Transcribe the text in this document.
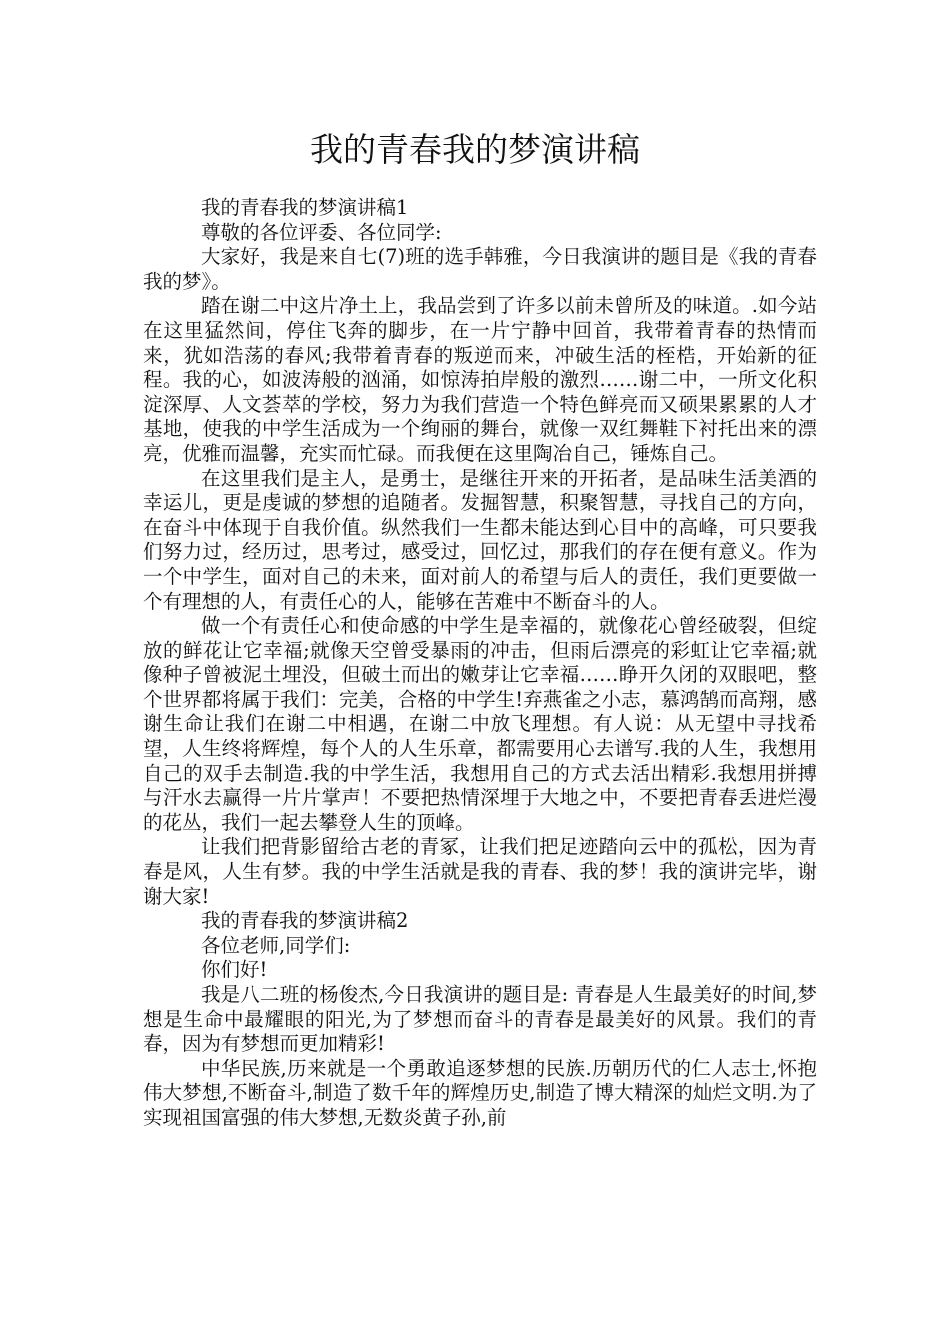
我的青春我的梦演讲稿

我的青春我的梦演讲稿1

尊敬的各位评委、各位同学:

大家好，我是来自七(7)班的选手韩雅，今日我演讲的题目是《我的青春我的梦》。

踏在谢二中这片净土上，我品尝到了许多以前未曾所及的味道。.如今站在这里猛然间，停住飞奔的脚步，在一片宁静中回首，我带着青春的热情而来，犹如浩荡的春风;我带着青春的叛逆而来，冲破生活的桎梏，开始新的征程。我的心，如波涛般的汹涌，如惊涛拍岸般的激烈……谢二中，一所文化积淀深厚、人文荟萃的学校，努力为我们营造一个特色鲜亮而又硕果累累的人才基地，使我的中学生活成为一个绚丽的舞台，就像一双红舞鞋下衬托出来的漂亮，优雅而温馨，充实而忙碌。而我便在这里陶冶自己，锤炼自己。

在这里我们是主人，是勇士，是继往开来的开拓者，是品味生活美酒的幸运儿，更是虔诚的梦想的追随者。发掘智慧，积聚智慧，寻找自己的方向，在奋斗中体现于自我价值。纵然我们一生都未能达到心目中的高峰，可只要我们努力过，经历过，思考过，感受过，回忆过，那我们的存在便有意义。作为一个中学生，面对自己的未来，面对前人的希望与后人的责任，我们更要做一个有理想的人，有责任心的人，能够在苦难中不断奋斗的人。

做一个有责任心和使命感的中学生是幸福的，就像花心曾经破裂，但绽放的鲜花让它幸福;就像天空曾受暴雨的冲击，但雨后漂亮的彩虹让它幸福;就像种子曾被泥土埋没，但破土而出的嫩芽让它幸福……睁开久闭的双眼吧，整个世界都将属于我们：完美，合格的中学生!弃燕雀之小志，慕鸿鹄而高翔，感谢生命让我们在谢二中相遇，在谢二中放飞理想。有人说：从无望中寻找希望，人生终将辉煌，每个人的人生乐章，都需要用心去谱写.我的人生，我想用自己的双手去制造.我的中学生活，我想用自己的方式去活出精彩.我想用拼搏与汗水去赢得一片片掌声！不要把热情深埋于大地之中，不要把青春丢进烂漫的花丛，我们一起去攀登人生的顶峰。

让我们把背影留给古老的青冢，让我们把足迹踏向云中的孤松，因为青春是风，人生有梦。我的中学生活就是我的青春、我的梦！我的演讲完毕，谢谢大家!

我的青春我的梦演讲稿2

各位老师,同学们:

你们好!

我是八二班的杨俊杰,今日我演讲的题目是: 青春是人生最美好的时间,梦想是生命中最耀眼的阳光,为了梦想而奋斗的青春是最美好的风景。我们的青春，因为有梦想而更加精彩!

中华民族,历来就是一个勇敢追逐梦想的民族.历朝历代的仁人志士,怀抱伟大梦想,不断奋斗,制造了数千年的辉煌历史,制造了博大精深的灿烂文明.为了实现祖国富强的伟大梦想,无数炎黄子孙,前
